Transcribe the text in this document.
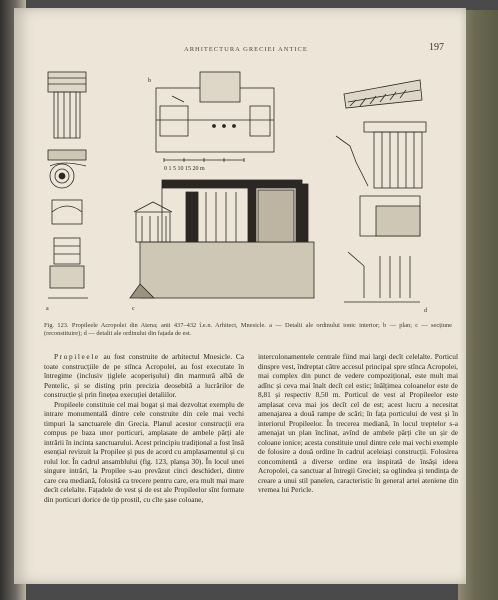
ARHITECTURA GRECIEI ANTICE	197
a
b
c	d
0 1 5 10 15 20 m
Fig. 123. Propileele Acropolei din Atena; anii 437–432 î.e.n. Arhitect, Mnesicle. a — Detalii ale ordinului ionic interior; b — plan; c — secțiune (reconstituire); d — detalii ale ordinului din fațada de est.

Propileele au fost construite de arhitectul Mnesicle. Ca toate construcțiile de pe stînca Acropolei, au fost executate în întregime (inclusiv țiglele acoperișului) din marmură albă de Pentelic, și se disting prin precizia deosebită a lucrărilor de construcție și prin finețea execuției detaliilor.

Propileele constituie cel mai bogat și mai dezvoltat exemplu de intrare monumentală dintre cele construite din cele mai vechi timpuri la sanctuarele din Grecia. Planul acestor construcții era compus pe baza unor porticuri, amplasate de ambele părți ale intrării în incinta sanctuarului. Acest principiu tradițional a fost însă esențial revizuit la Propilee și pus de acord cu amplasamentul și cu rolul lor. În cadrul ansamblului (fig. 123, planșa 30). În locul unei singure intrări, la Propilee s-au prevăzut cinci deschideri, dintre care cea mediană, folosită ca trecere pentru care, era mult mai mare decît celelalte. Fațadele de vest și de est ale Propileelor sînt formate din porticuri dorice de tip prostil, cu cîte șase coloane,

intercolonamentele centrale fiind mai largi decît celelalte. Porticul dinspre vest, îndreptat către accesul principal spre stînca Acropolei, mai complex din punct de vedere compozițional, este mult mai adînc și ceva mai înalt decît cel estic; înălțimea coloanelor este de 8,81 și respectiv 8,50 m. Porticul de vest al Propileelor este amplasat ceva mai jos decît cel de est; acest lucru a necesitat amenajarea a două rampe de scări; în fața porticului de vest și în interiorul Propileelor. În trecerea mediană, în locul treptelor s-a amenajat un plan înclinat, avînd de ambele părți cîte un șir de coloane ionice; acesta constituie unul dintre cele mai vechi exemple de folosire a două ordine în cadrul aceleiași construcții. Folosirea concomitentă a diverse ordine era inspirată de însăși ideea Acropolei, ca sanctuar al întregii Greciei; sa oglindea și tendința de creare a unui stil panelen, caracteristic în general artei ateniene din vremea lui Pericle.
